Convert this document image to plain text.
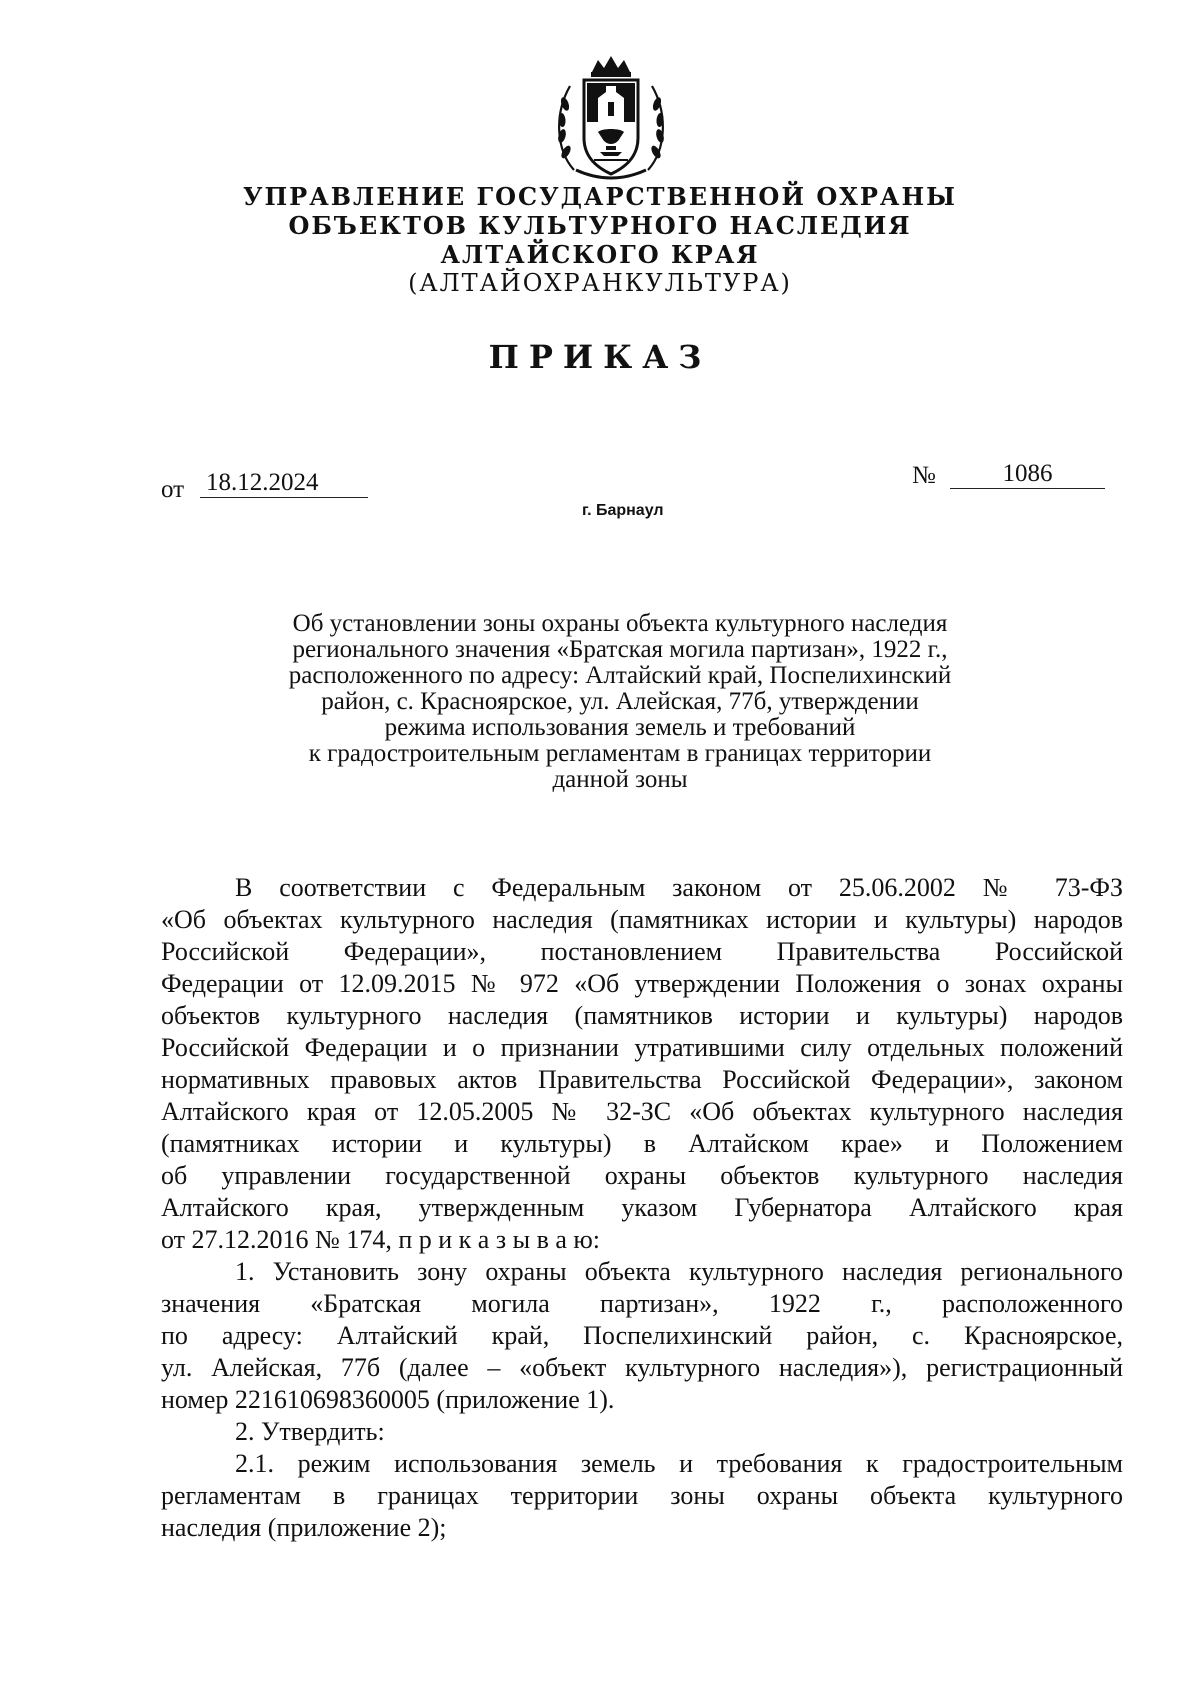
УПРАВЛЕНИЕ ГОСУДАРСТВЕННОЙ ОХРАНЫ
ОБЪЕКТОВ КУЛЬТУРНОГО НАСЛЕДИЯ
АЛТАЙСКОГО КРАЯ
(АЛТАЙОХРАНКУЛЬТУРА)
ПРИКАЗ
от 18.12.2024	№	1086
г. Барнаул
Об установлении зоны охраны объекта культурного наследия
регионального значения «Братская могила партизан», 1922 г.,
расположенного по адресу: Алтайский край, Поспелихинский
район, с. Красноярское, ул. Алейская, 77б, утверждении
режима использования земель и требований
к градостроительным регламентам в границах территории
данной зоны
В соответствии с Федеральным законом от 25.06.2002 № 73-ФЗ
«Об объектах культурного наследия (памятниках истории и культуры) народов
Российской Федерации», постановлением Правительства Российской
Федерации от 12.09.2015 № 972 «Об утверждении Положения о зонах охраны
объектов культурного наследия (памятников истории и культуры) народов
Российской Федерации и о признании утратившими силу отдельных положений
нормативных правовых актов Правительства Российской Федерации», законом
Алтайского края от 12.05.2005 № 32-ЗС «Об объектах культурного наследия
(памятниках истории и культуры) в Алтайском крае» и Положением
об управлении государственной охраны объектов культурного наследия
Алтайского края, утвержденным указом Губернатора Алтайского края
от 27.12.2016 № 174, п р и к а з ы в а ю:
1. Установить зону охраны объекта культурного наследия регионального
значения «Братская могила партизан», 1922 г., расположенного
по адресу: Алтайский край, Поспелихинский район, с. Красноярское,
ул. Алейская, 77б (далее – «объект культурного наследия»), регистрационный
номер 221610698360005 (приложение 1).
2. Утвердить:
2.1. режим использования земель и требования к градостроительным
регламентам в границах территории зоны охраны объекта культурного
наследия (приложение 2);
